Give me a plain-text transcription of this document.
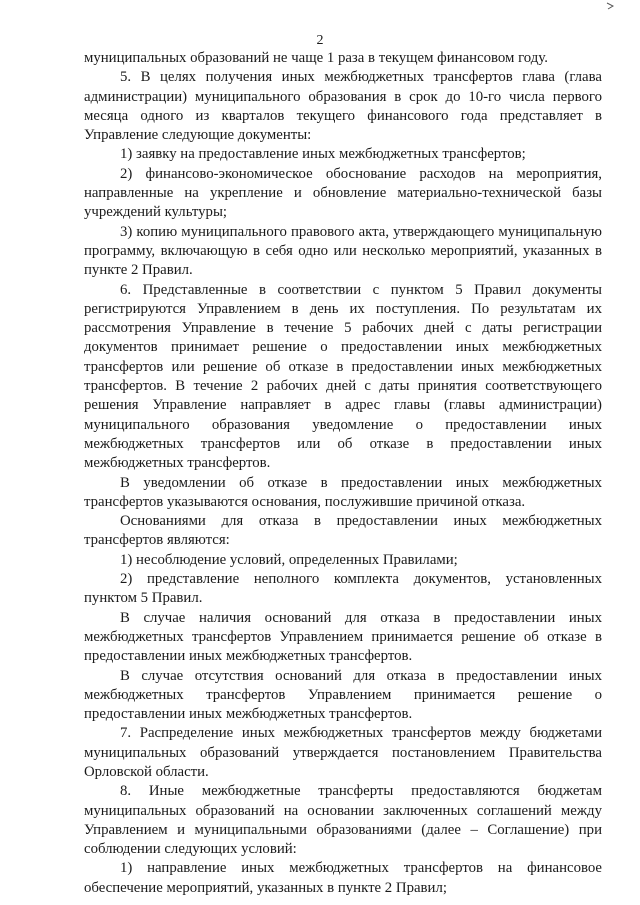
2

муниципальных образований не чаще 1 раза в текущем финансовом году.

5. В целях получения иных межбюджетных трансфертов глава (глава администрации) муниципального образования в срок до 10-го числа первого месяца одного из кварталов текущего финансового года представляет в Управление следующие документы:

1) заявку на предоставление иных межбюджетных трансфертов;

2) финансово-экономическое обоснование расходов на мероприятия, направленные на укрепление и обновление материально-технической базы учреждений культуры;

3) копию муниципального правового акта, утверждающего муниципальную программу, включающую в себя одно или несколько мероприятий, указанных в пункте 2 Правил.

6. Представленные в соответствии с пунктом 5 Правил документы регистрируются Управлением в день их поступления. По результатам их рассмотрения Управление в течение 5 рабочих дней с даты регистрации документов принимает решение о предоставлении иных межбюджетных трансфертов или решение об отказе в предоставлении иных межбюджетных трансфертов. В течение 2 рабочих дней с даты принятия соответствующего решения Управление направляет в адрес главы (главы администрации) муниципального образования уведомление о предоставлении иных межбюджетных трансфертов или об отказе в предоставлении иных межбюджетных трансфертов.

В уведомлении об отказе в предоставлении иных межбюджетных трансфертов указываются основания, послужившие причиной отказа.

Основаниями для отказа в предоставлении иных межбюджетных трансфертов являются:

1) несоблюдение условий, определенных Правилами;

2) представление неполного комплекта документов, установленных пунктом 5 Правил.

В случае наличия оснований для отказа в предоставлении иных межбюджетных трансфертов Управлением принимается решение об отказе в предоставлении иных межбюджетных трансфертов.

В случае отсутствия оснований для отказа в предоставлении иных межбюджетных трансфертов Управлением принимается решение о предоставлении иных межбюджетных трансфертов.

7. Распределение иных межбюджетных трансфертов между бюджетами муниципальных образований утверждается постановлением Правительства Орловской области.

8. Иные межбюджетные трансферты предоставляются бюджетам муниципальных образований на основании заключенных соглашений между Управлением и муниципальными образованиями (далее – Соглашение) при соблюдении следующих условий:

1) направление иных межбюджетных трансфертов на финансовое обеспечение мероприятий, указанных в пункте 2 Правил;
